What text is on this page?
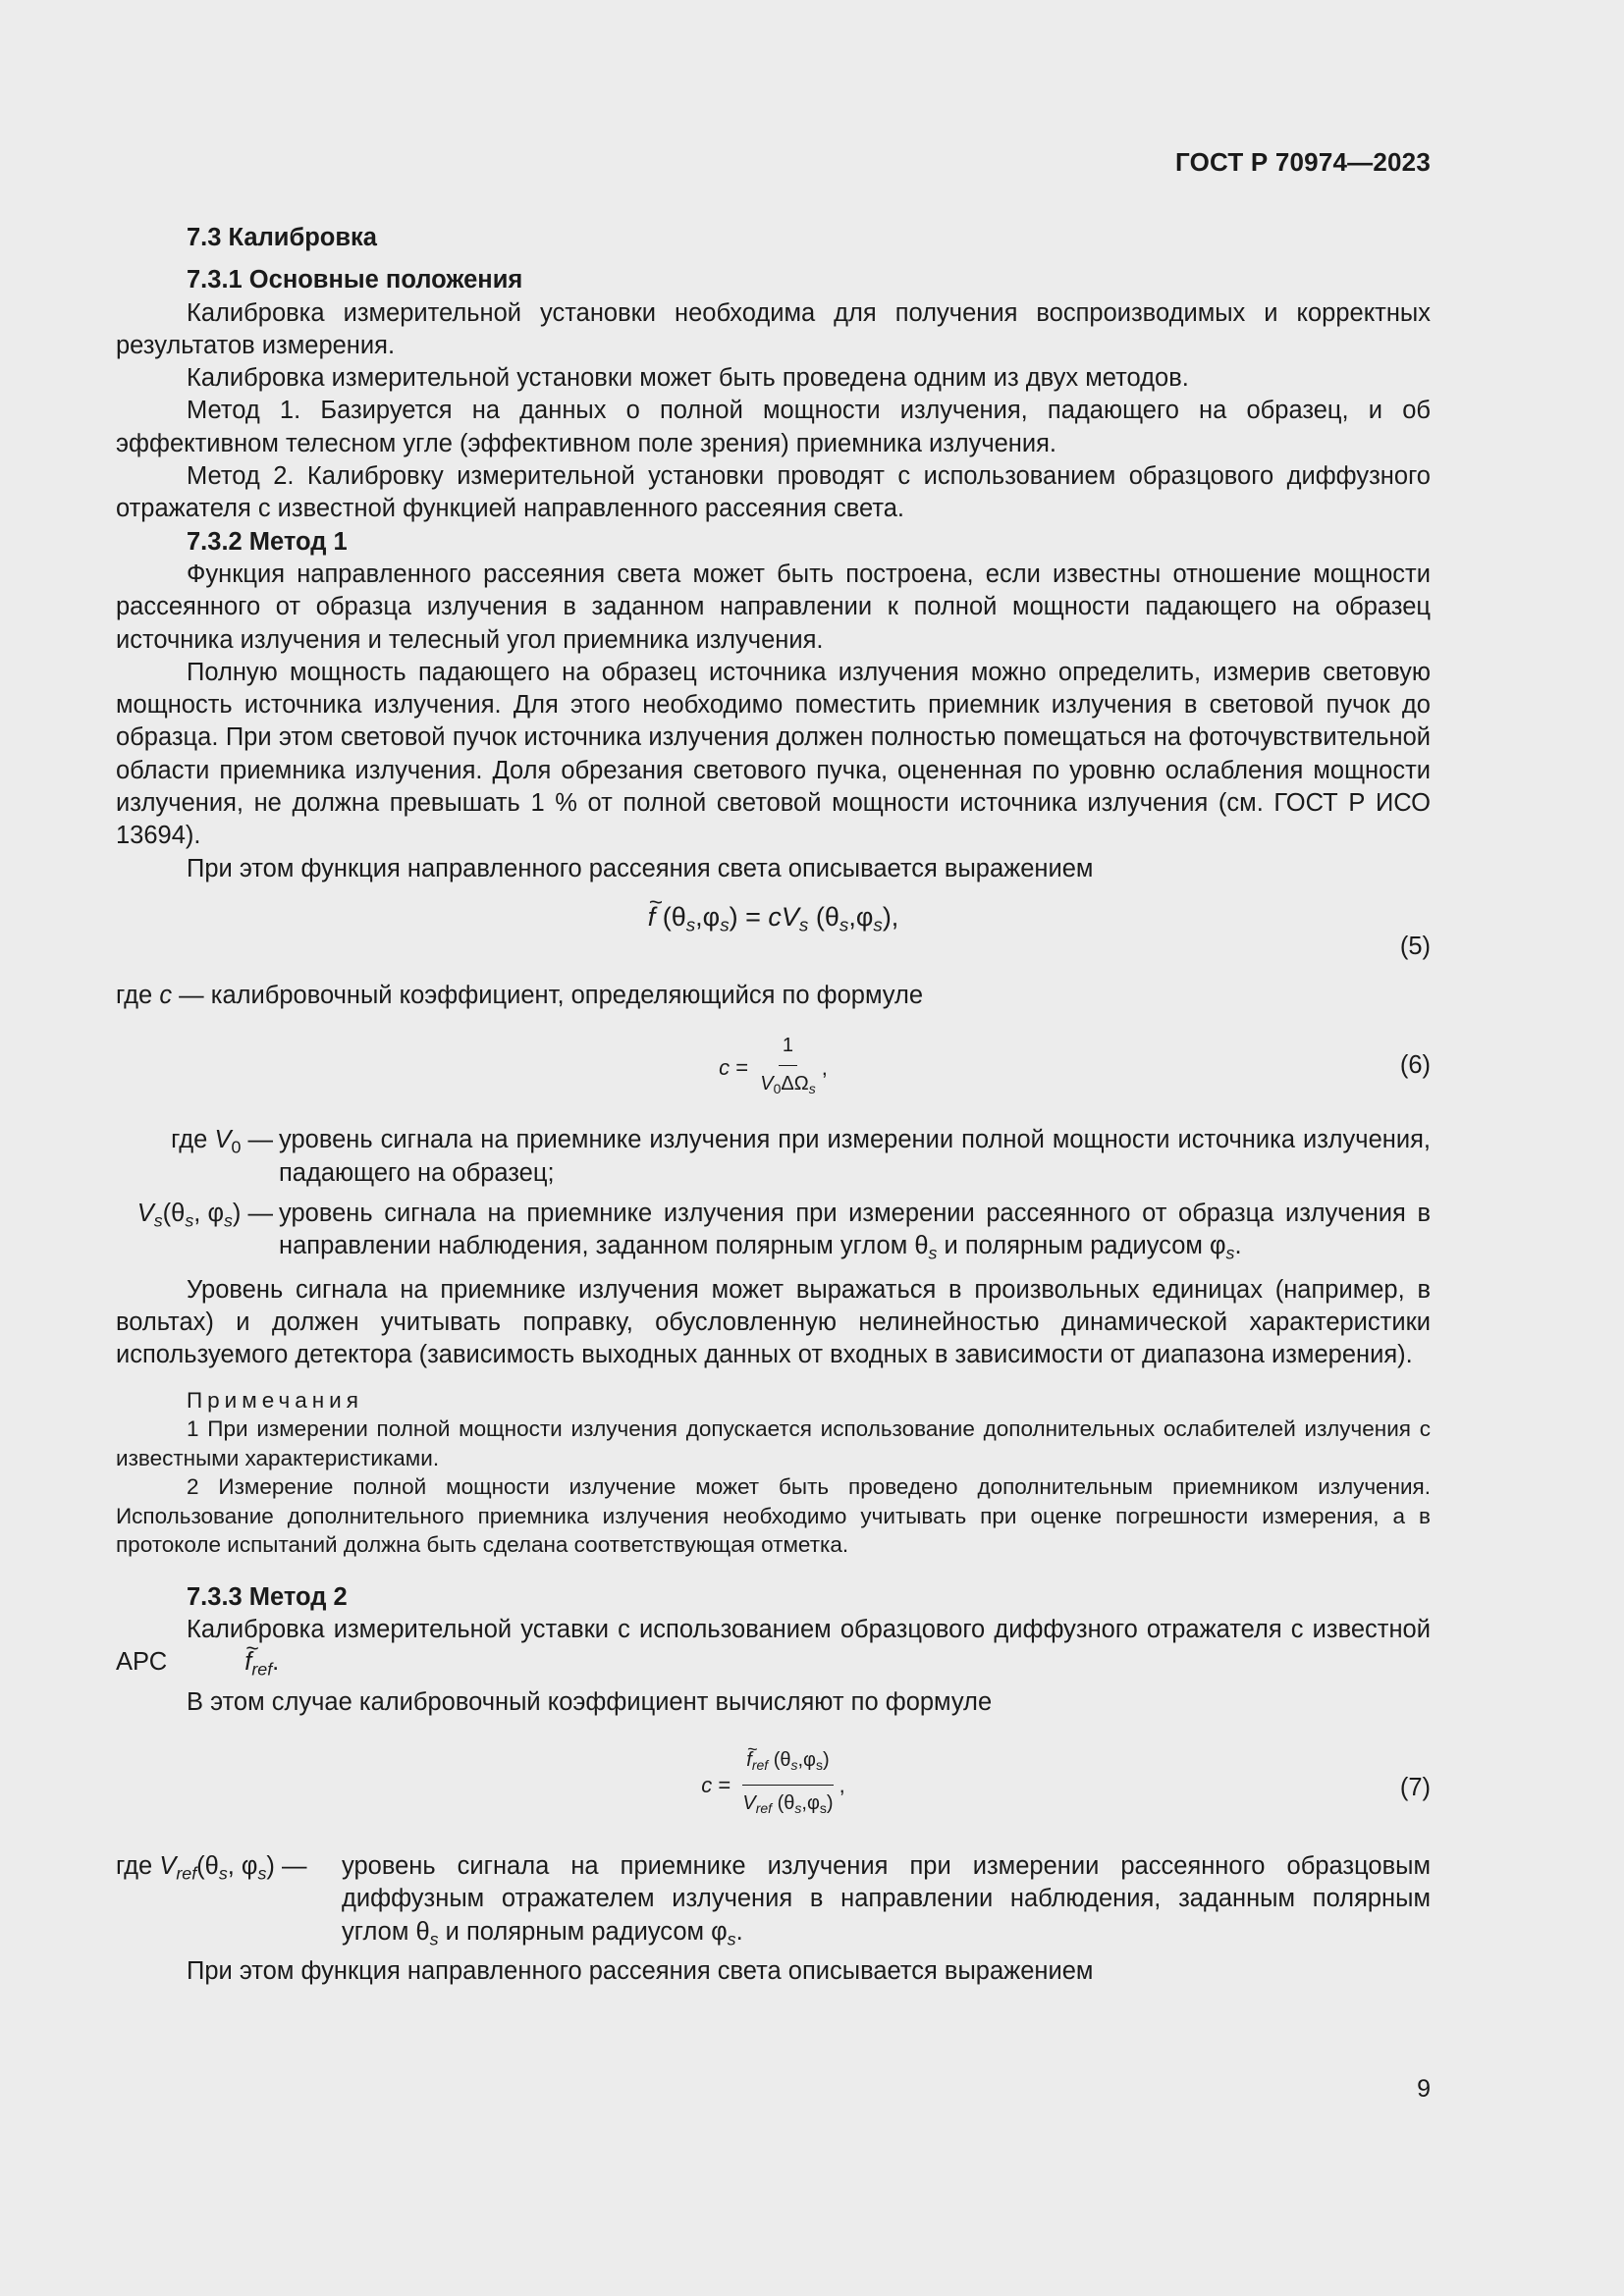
ГОСТ Р 70974—2023
7.3 Калибровка
7.3.1 Основные положения

Калибровка измерительной установки необходима для получения воспроизводимых и корректных результатов измерения.

Калибровка измерительной установки может быть проведена одним из двух методов.

Метод 1. Базируется на данных о полной мощности излучения, падающего на образец, и об эффективном телесном угле (эффективном поле зрения) приемника излучения.

Метод 2. Калибровку измерительной установки проводят с использованием образцового диффузного отражателя с известной функцией направленного рассеяния света.

7.3.2 Метод 1

Функция направленного рассеяния света может быть построена, если известны отношение мощности рассеянного от образца излучения в заданном направлении к полной мощности падающего на образец источника излучения и телесный угол приемника излучения.

Полную мощность падающего на образец источника излучения можно определить, измерив световую мощность источника излучения. Для этого необходимо поместить приемник излучения в световой пучок до образца. При этом световой пучок источника излучения должен полностью помещаться на фоточувствительной области приемника излучения. Доля обрезания светового пучка, оцененная по уровню ослабления мощности излучения, не должна превышать 1 % от полной световой мощности источника излучения (см. ГОСТ Р ИСО 13694).

При этом функция направленного рассеяния света описывается выражением

~ f $(\theta_s,\varphi_s) = cV_s$ $(\theta_s,\varphi_s)$,
(5)

где c — калибровочный коэффициент, определяющийся по формуле

$c = \frac{1}{V_0\Delta\Omega_s}$ ,	(6)
где $V_0$ — уровень сигнала на приемнике излучения при измерении полной мощности источника излучения, падающего на образец;
$V_s(\theta_s$, $\varphi_s$) — уровень сигнала на приемнике излучения при измерении рассеянного от образца излучения в направлении наблюдения, заданном полярным углом $\theta_s$ и полярным радиусом $\varphi_s$.

Уровень сигнала на приемнике излучения может выражаться в произвольных единицах (например, в вольтах) и должен учитывать поправку, обусловленную нелинейностью динамической характеристики используемого детектора (зависимость выходных данных от входных в зависимости от диапазона измерения).

Примечания

1 При измерении полной мощности излучения допускается использование дополнительных ослабителей излучения с известными характеристиками.

2 Измерение полной мощности излучение может быть проведено дополнительным приемником излучения. Использование дополнительного приемника излучения необходимо учитывать при оценке погрешности измерения, а в протоколе испытаний должна быть сделана соответствующая отметка.

7.3.3 Метод 2

Калибровка измерительной уставки с использованием образцового диффузного отражателя с известной АРС	~ $f_{ref}$.

В этом случае калибровочный коэффициент вычисляют по формуле

c = ~ $\frac{f_{ref} (\theta_s,\varphi_s)}{V_{ref} (\theta_s,\varphi_s)}$ ,	(7)
где $V_{ref}(\theta_s$, $\varphi_s$) —	уровень сигнала на приемнике излучения при измерении рассеянного образцовым диффузным отражателем излучения в направлении наблюдения, заданным полярным углом $\theta_s$ и полярным радиусом $\varphi_s$.

При этом функция направленного рассеяния света описывается выражением

9
